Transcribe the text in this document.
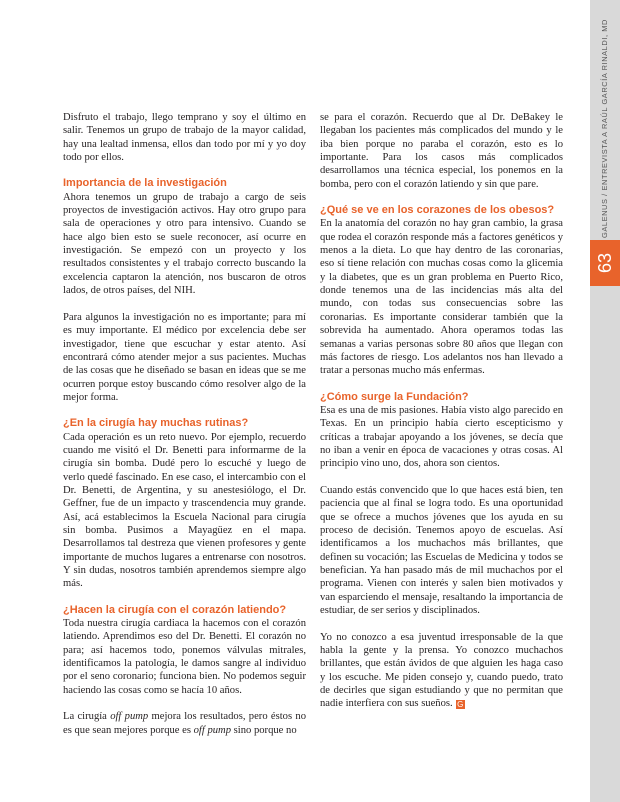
GALENUS / ENTREVISTA A RAÚL GARCÍA RINALDI, MD
63

Disfruto el trabajo, llego temprano y soy el último en salir. Tenemos un grupo de trabajo de la mayor calidad, hay una lealtad inmensa, ellos dan todo por mí y yo doy todo por ellos.

Importancia de la investigación

Ahora tenemos un grupo de trabajo a cargo de seis proyectos de investigación activos. Hay otro grupo para sala de operaciones y otro para intensivo. Cuando se hace algo bien esto se suele reconocer, así ocurre en investigación. Se empezó con un proyecto y los resultados consistentes y el trabajo correcto buscando la excelencia captaron la atención, nos buscaron de otros lados, de otros países, del NIH.

Para algunos la investigación no es importante; para mí es muy importante. El médico por excelencia debe ser investigador, tiene que escuchar y estar atento. Así encontrará cómo atender mejor a sus pacientes. Muchas de las cosas que he diseñado se basan en ideas que se me ocurren porque estoy buscando cómo resolver algo de la mejor forma.

¿En la cirugía hay muchas rutinas?

Cada operación es un reto nuevo. Por ejemplo, recuerdo cuando me visitó el Dr. Benetti para informarme de la cirugía sin bomba. Dudé pero lo escuché y luego de verlo quedé fascinado. En ese caso, el intercambio con el Dr. Benetti, de Argentina, y su anestesiólogo, el Dr. Geffner, fue de un impacto y trascendencia muy grande. Así, acá establecimos la Escuela Nacional para cirugía sin bomba. Pusimos a Mayagüez en el mapa. Desarrollamos tal destreza que vienen profesores y gente importante de muchos lugares a entrenarse con nosotros. Y sin dudas, nosotros también aprendemos siempre algo más.

¿Hacen la cirugía con el corazón latiendo?

Toda nuestra cirugía cardiaca la hacemos con el corazón latiendo. Aprendimos eso del Dr. Benetti. El corazón no para; así hacemos todo, ponemos válvulas mitrales, identificamos la patología, le damos sangre al individuo por el seno coronario; funciona bien. No podemos seguir haciendo las cosas como se hacía 10 años.

La cirugía off pump mejora los resultados, pero éstos no es que sean mejores porque es off pump sino porque no

se para el corazón. Recuerdo que al Dr. DeBakey le llegaban los pacientes más complicados del mundo y le iba bien porque no paraba el corazón, esto es lo importante. Para los casos más complicados desarrollamos una técnica especial, los ponemos en la bomba, pero con el corazón latiendo y sin que pare.

¿Qué se ve en los corazones de los obesos?

En la anatomía del corazón no hay gran cambio, la grasa que rodea el corazón responde más a factores genéticos y menos a la dieta. Lo que hay dentro de las coronarias, eso sí tiene relación con muchas cosas como la glicemia y la diabetes, que es un gran problema en Puerto Rico, donde tenemos una de las incidencias más alta del mundo, con todas sus consecuencias sobre las coronarias. Es importante considerar también que la sobrevida ha aumentado. Ahora operamos todas las semanas a varias personas sobre 80 años que llegan con más factores de riesgo. Los adelantos nos han llevado a tratar a personas mucho más enfermas.

¿Cómo surge la Fundación?

Esa es una de mis pasiones. Había visto algo parecido en Texas. En un principio había cierto escepticismo y críticas a trabajar apoyando a los jóvenes, se decía que no iban a venir en época de vacaciones y otras cosas. Al principio vino uno, dos, ahora son cientos.

Cuando estás convencido que lo que haces está bien, ten paciencia que al final se logra todo. Es una oportunidad que se ofrece a muchos jóvenes que los ayuda en su proceso de decisión. Tenemos apoyo de escuelas. Así identificamos a los muchachos más brillantes, que definen su vocación; las Escuelas de Medicina y todos se benefician. Ya han pasado más de mil muchachos por el programa. Vienen con interés y salen bien motivados y van esparciendo el mensaje, resaltando la importancia de estudiar, de ser serios y disciplinados.

Yo no conozco a esa juventud irresponsable de la que habla la gente y la prensa. Yo conozco muchachos brillantes, que están ávidos de que alguien les haga caso y los escuche. Me piden consejo y, cuando puedo, trato de decirles que sigan estudiando y que no permitan que nadie interfiera con sus sueños. G
